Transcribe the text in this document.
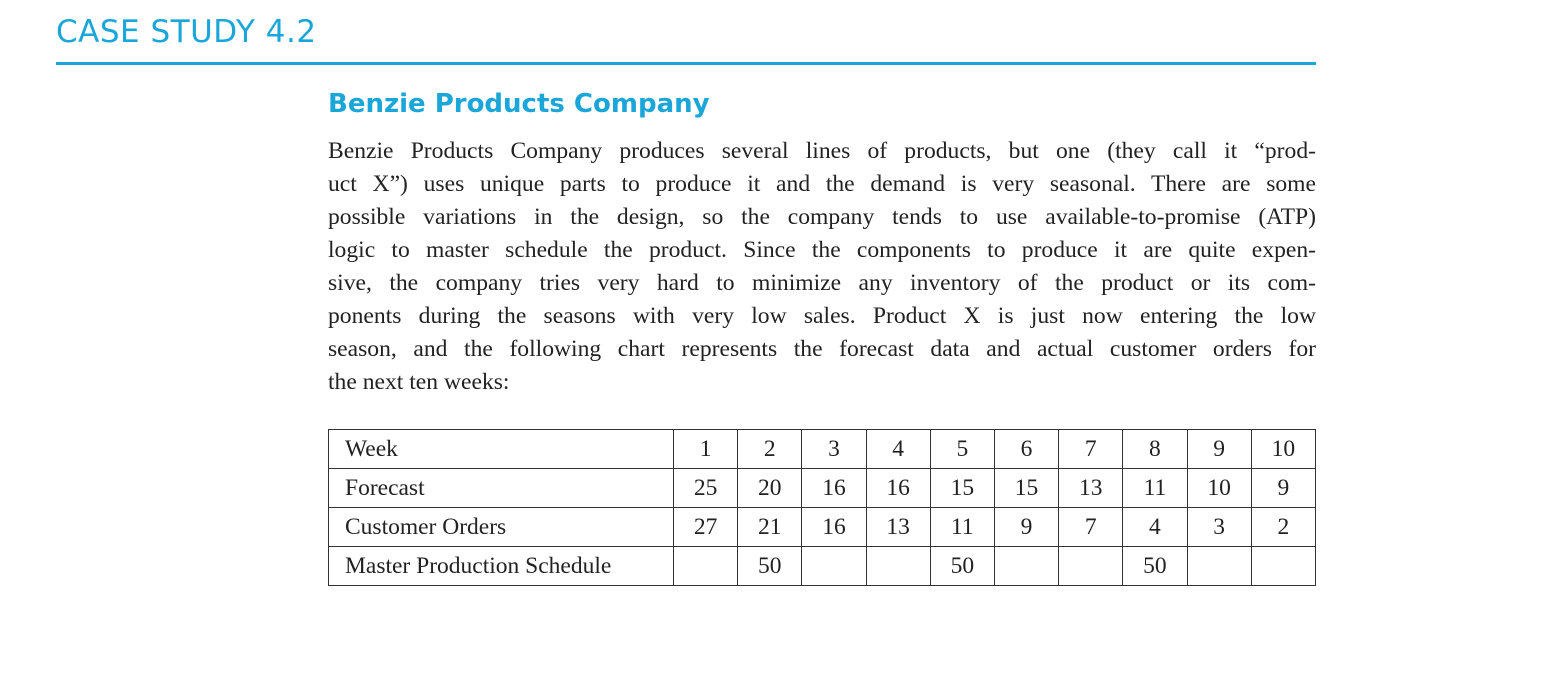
CASE STUDY 4.2
Benzie Products Company
Benzie Products Company produces several lines of products, but one (they call it “prod-
uct X”) uses unique parts to produce it and the demand is very seasonal. There are some
possible variations in the design, so the company tends to use available-to-promise (ATP)
logic to master schedule the product. Since the components to produce it are quite expen-
sive, the company tries very hard to minimize any inventory of the product or its com-
ponents during the seasons with very low sales. Product X is just now entering the low
season, and the following chart represents the forecast data and actual customer orders for
the next ten weeks:
Week	1	2	3	4	5	6	7	8	9	10
Forecast	25	20	16	16	15	15	13	11	10	9
Customer Orders	27	21	16	13	11	9	7	4	3	2
Master Production Schedule		50			50			50		
